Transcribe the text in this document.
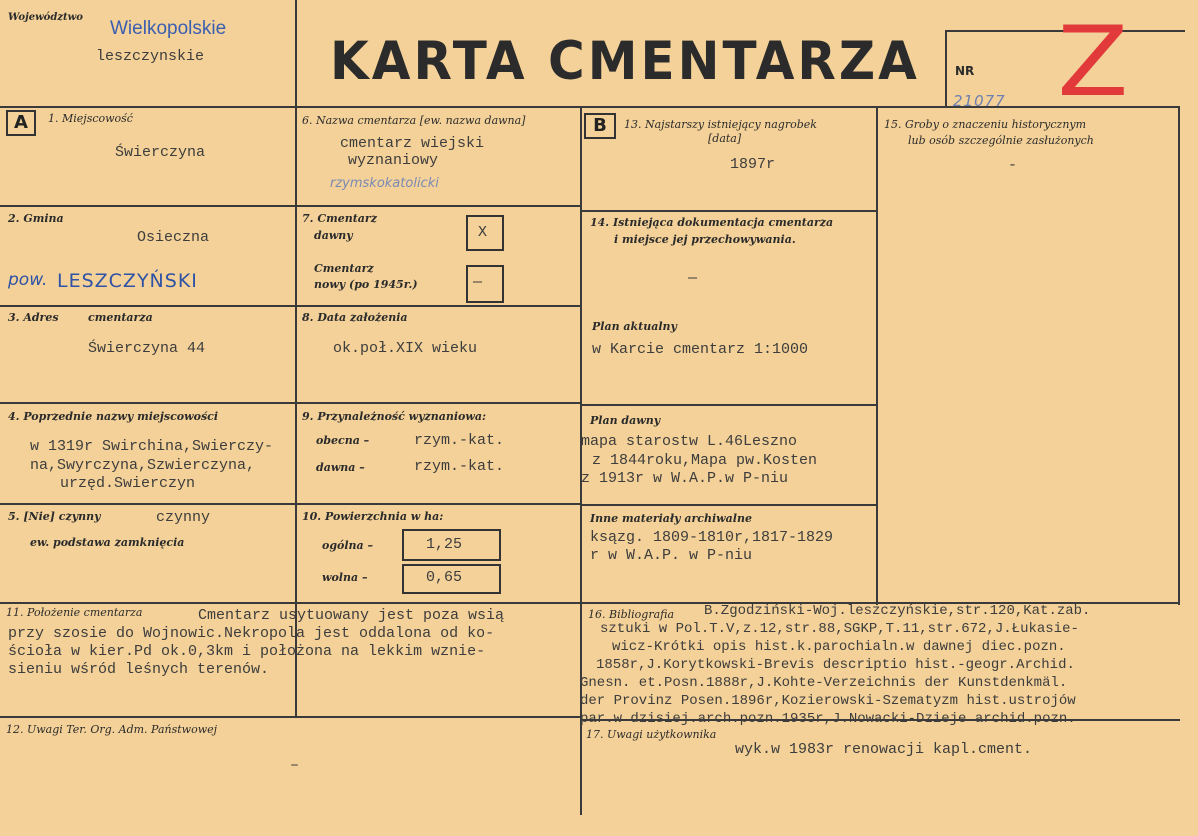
Województwo
Wielkopolskie
leszczynskie	KARTA CMENTARZA	NR
21077 Z
A	B
1. Miejscowość
Świerczyna
2. Gmina
Osieczna
pow. LESZCZYŃSKI
3. Adres	cmentarza
Świerczyna 44
4. Poprzednie nazwy miejscowości
w 1319r Swirchina,Swierczy-
na,Swyrczyna,Szwierczyna,
urzęd.Swierczyn
5. [Nie] czynny	czynny
ew. podstawa zamknięcia
6. Nazwa cmentarza [ew. nazwa dawna]
cmentarz wiejski
wyznaniowy
rzymskokatolicki
7. Cmentarz
dawny	X
Cmentarz
nowy (po 1945r.)	—
8. Data założenia
ok.poł.XIX wieku
9. Przynależność wyznaniowa:
obecna –	rzym.-kat.
dawna –	rzym.-kat.
10. Powierzchnia w ha:
ogólna –	1,25
wolna –	0,65
11. Położenie cmentarza	Cmentarz usytuowany jest poza wsią
przy szosie do Wojnowic.Nekropola jest oddalona od ko-
ścioła w kier.Pd ok.0,3km i położona na lekkim wznie-
sieniu wśród leśnych terenów.
12. Uwagi Ter. Org. Adm. Państwowej
–
13. Najstarszy istniejący nagrobek
[data]
1897r
14. Istniejąca dokumentacja cmentarza
i miejsce jej przechowywania.
—
Plan aktualny
w Karcie cmentarz 1:1000
Plan dawny
mapa starostw L.46Leszno
z 1844roku,Mapa pw.Kosten
z 1913r w W.A.P.w P-niu
Inne materiały archiwalne
ksązg. 1809-1810r,1817-1829
r w W.A.P. w P-niu
15. Groby o znaczeniu historycznym
lub osób szczególnie zasłużonych
-
16. Bibliografia B.Zgodziński-Woj.leszczyńskie,str.120,Kat.zab.
sztuki w Pol.T.V,z.12,str.88,SGKP,T.11,str.672,J.Łukasie-
wicz-Krótki opis hist.k.parochialn.w dawnej diec.pozn.
1858r,J.Korytkowski-Brevis descriptio hist.-geogr.Archid.
Gnesn. et.Posn.1888r,J.Kohte-Verzeichnis der Kunstdenkmäl.
der Provinz Posen.1896r,Kozierowski-Szematyzm hist.ustrojów
par.w dzisiej.arch.pozn.1935r,J.Nowacki-Dzieje archid.pozn.
17. Uwagi użytkownika
wyk.w 1983r renowacji kapl.cment.
